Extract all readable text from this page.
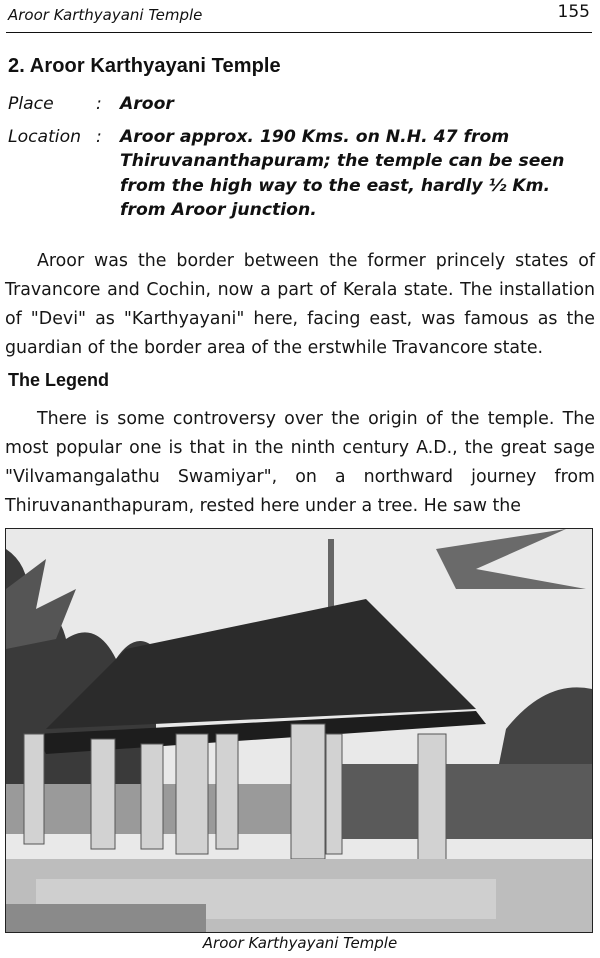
Aroor Karthyayani Temple	155
2. Aroor Karthyayani Temple
Place	:	Aroor
Location :	Aroor approx. 190 Kms. on N.H. 47 from Thiruvananthapuram; the temple can be seen from the high way to the east, hardly ½ Km. from Aroor junction.

Aroor was the border between the former princely states of Travancore and Cochin, now a part of Kerala state. The installation of "Devi" as "Karthyayani" here, facing east, was famous as the guardian of the border area of the erstwhile Travancore state.

The Legend

There is some controversy over the origin of the temple. The most popular one is that in the ninth century A.D., the great sage "Vilvamangalathu Swamiyar", on a northward journey from Thiruvananthapuram, rested here under a tree. He saw the

Aroor Karthyayani Temple
